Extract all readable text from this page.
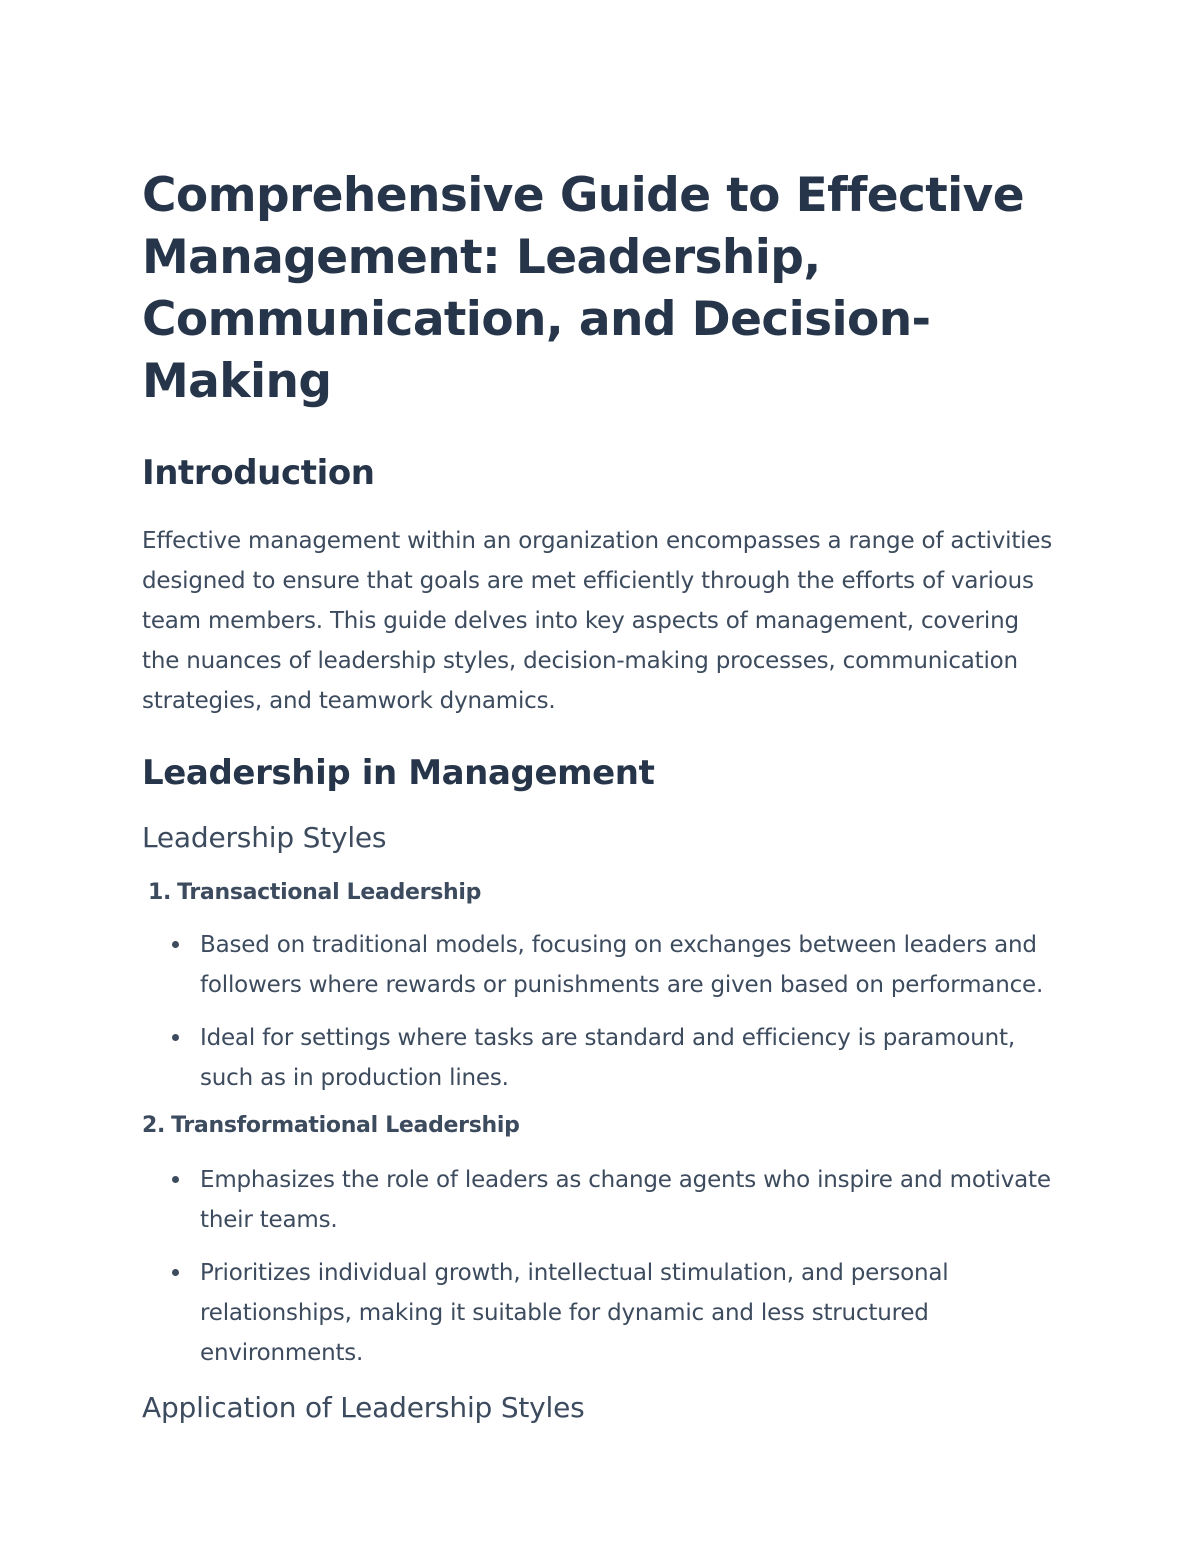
Comprehensive Guide to Effective Management: Leadership, Communication, and Decision-Making
Introduction

Effective management within an organization encompasses a range of activities designed to ensure that goals are met efficiently through the efforts of various team members. This guide delves into key aspects of management, covering the nuances of leadership styles, decision-making processes, communication strategies, and teamwork dynamics.

Leadership in Management
Leadership Styles
1. Transactional Leadership
Based on traditional models, focusing on exchanges between leaders and followers where rewards or punishments are given based on performance.
Ideal for settings where tasks are standard and efficiency is paramount, such as in production lines.
2. Transformational Leadership
Emphasizes the role of leaders as change agents who inspire and motivate their teams.
Prioritizes individual growth, intellectual stimulation, and personal relationships, making it suitable for dynamic and less structured environments.
Application of Leadership Styles
